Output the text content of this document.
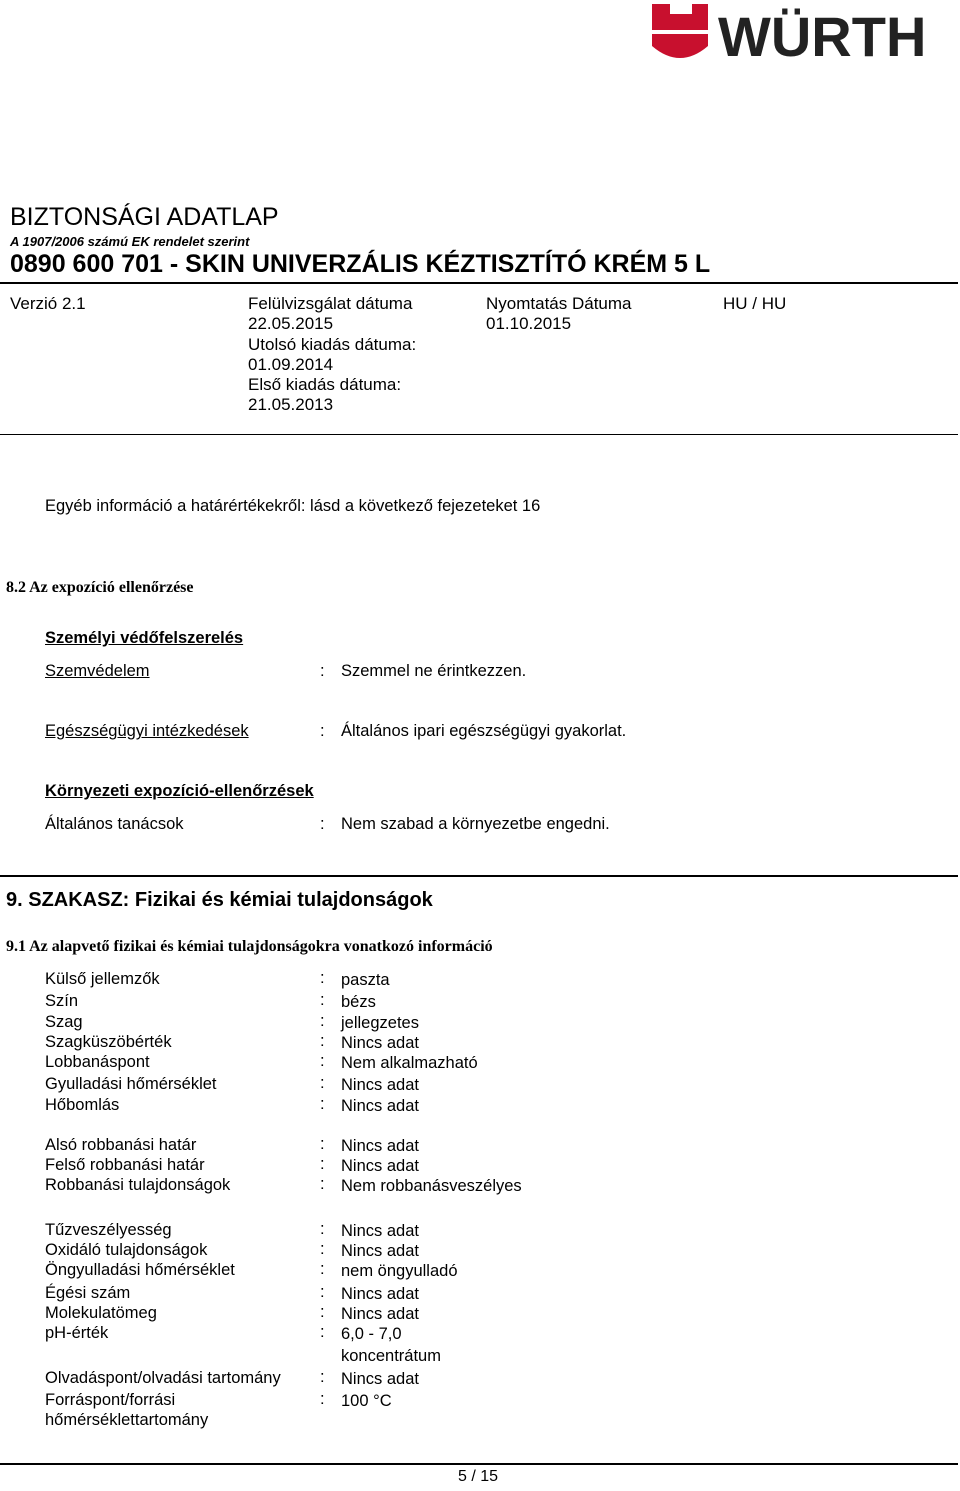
WÜRTH
BIZTONSÁGI ADATLAP
A 1907/2006 számú EK rendelet szerint
0890 600 701 - SKIN UNIVERZÁLIS KÉZTISZTÍTÓ KRÉM 5 L
Verzió 2.1	Felülvizsgálat dátuma
22.05.2015
Utolsó kiadás dátuma:
01.09.2014
Első kiadás dátuma:
21.05.2013
Nyomtatás Dátuma
01.10.2015
HU / HU
Egyéb információ a határértékekről: lásd a következő fejezeteket 16
8.2 Az expozíció ellenőrzése
Személyi védőfelszerelés
Szemvédelem	: Szemmel ne érintkezzen.
Egészségügyi intézkedések	: Általános ipari egészségügyi gyakorlat.
Környezeti expozíció-ellenőrzések
Általános tanácsok	: Nem szabad a környezetbe engedni.
9. SZAKASZ: Fizikai és kémiai tulajdonságok
9.1 Az alapvető fizikai és kémiai tulajdonságokra vonatkozó információ
Külső jellemzők	: paszta
Szín	: bézs
Szag	: jellegzetes
Szagküszöbérték	: Nincs adat
Lobbanáspont	: Nem alkalmazható
Gyulladási hőmérséklet	: Nincs adat
Hőbomlás	: Nincs adat
Alsó robbanási határ	: Nincs adat
Felső robbanási határ	: Nincs adat
Robbanási tulajdonságok	: Nem robbanásveszélyes
Tűzveszélyesség	: Nincs adat
Oxidáló tulajdonságok	: Nincs adat
Öngyulladási hőmérséklet	: nem öngyulladó
Égési szám	: Nincs adat
Molekulatömeg	: Nincs adat
pH-érték	: 6,0 - 7,0
koncentrátum
Olvadáspont/olvadási tartomány : Nincs adat
Forráspont/forrási
hőmérséklettartomány
: 100 °C
5 / 15
